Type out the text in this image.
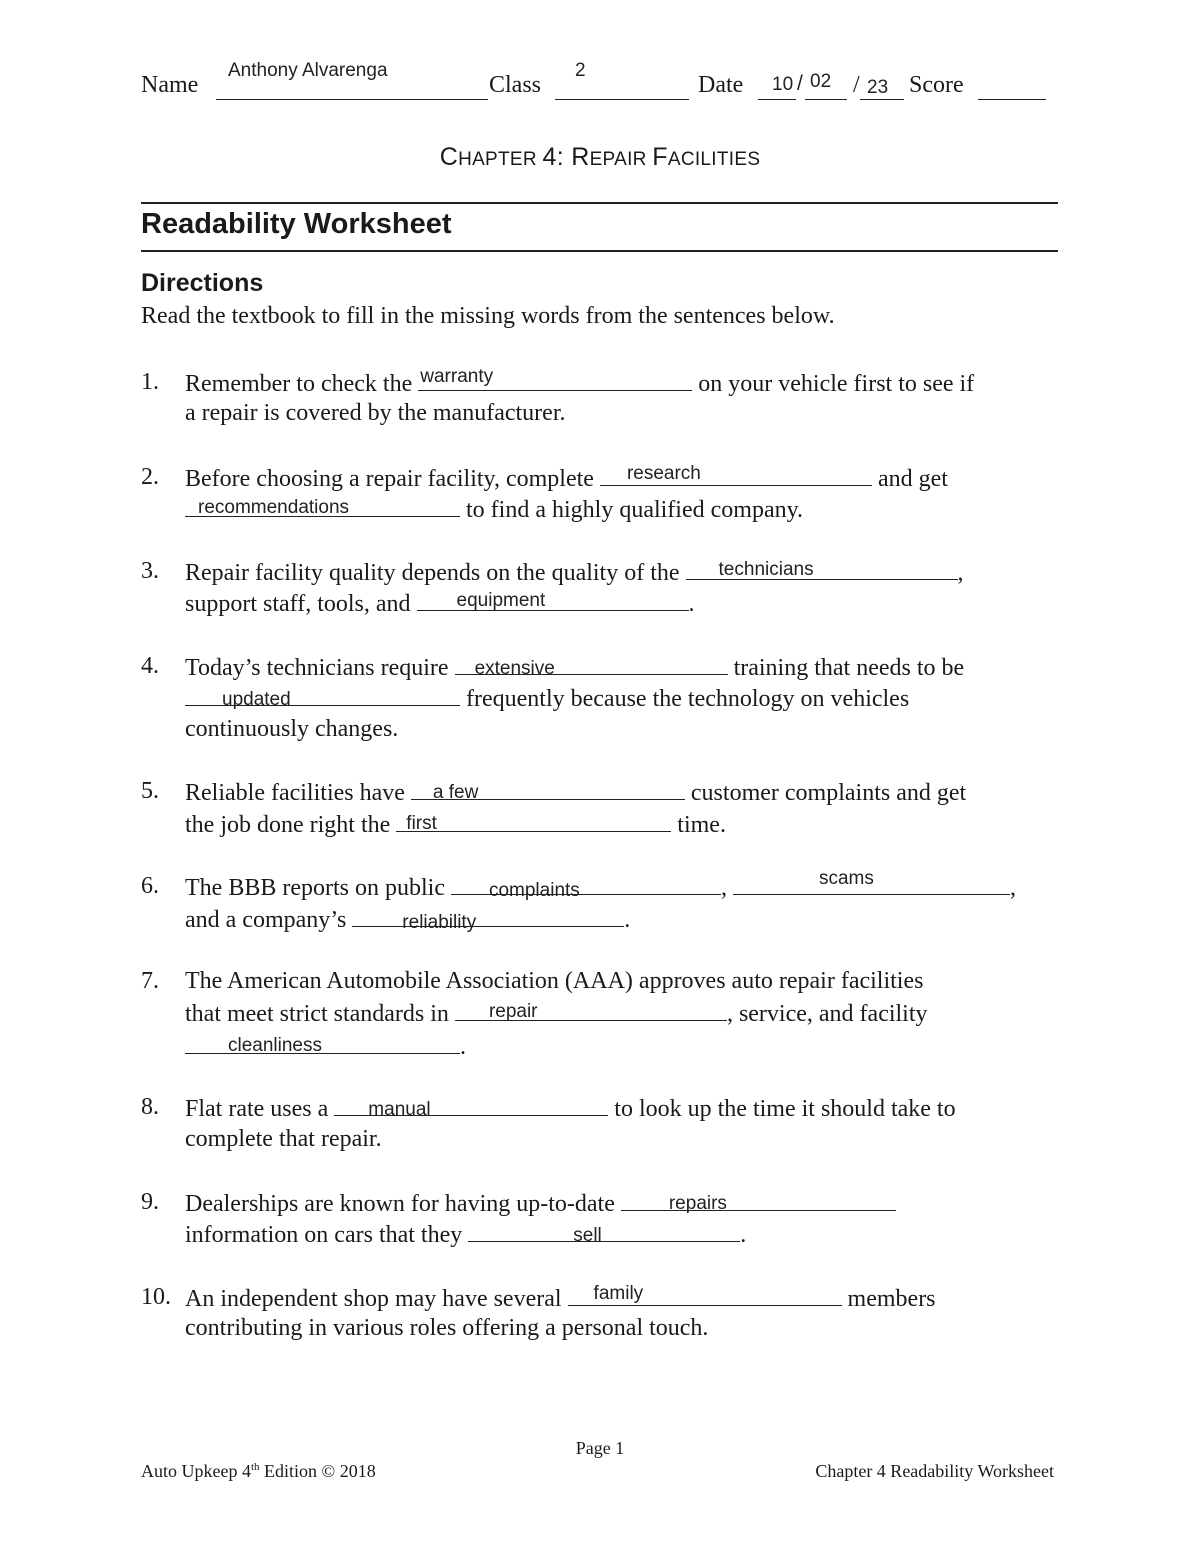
Name
Anthony Alvarenga
Class
2
Date 10 / 02 / 23 Score
CHAPTER 4: REPAIR FACILITIES
Readability Worksheet
Directions
Read the textbook to fill in the missing words from the sentences below.
1. Remember to check the warranty	on your vehicle first to see if
a repair is covered by the manufacturer.
2. Before choosing a repair facility, complete research	and get
recommendations	to find a highly qualified company.
3. Repair facility quality depends on the quality of the technicians	,
support staff, tools, and equipment	.
4. Today’s technicians require extensive	training that needs to be
updated	frequently because the technology on vehicles
continuously changes.
5. Reliable facilities have a few	customer complaints and get
the job done right the first	time.
6. The BBB reports on public complaints	,	scams	,
and a company’s	reliability	.
7. The American Automobile Association (AAA) approves auto repair facilities
that meet strict standards in repair	, service, and facility
cleanliness	.
8. Flat rate uses a manual	to look up the time it should take to
complete that repair.
9. Dealerships are known for having up-to-date	repairs
information on cars that they	sell	.
10. An independent shop may have several family	members
contributing in various roles offering a personal touch.
Page 1
Auto Upkeep 4th Edition © 2018	Chapter 4 Readability Worksheet
